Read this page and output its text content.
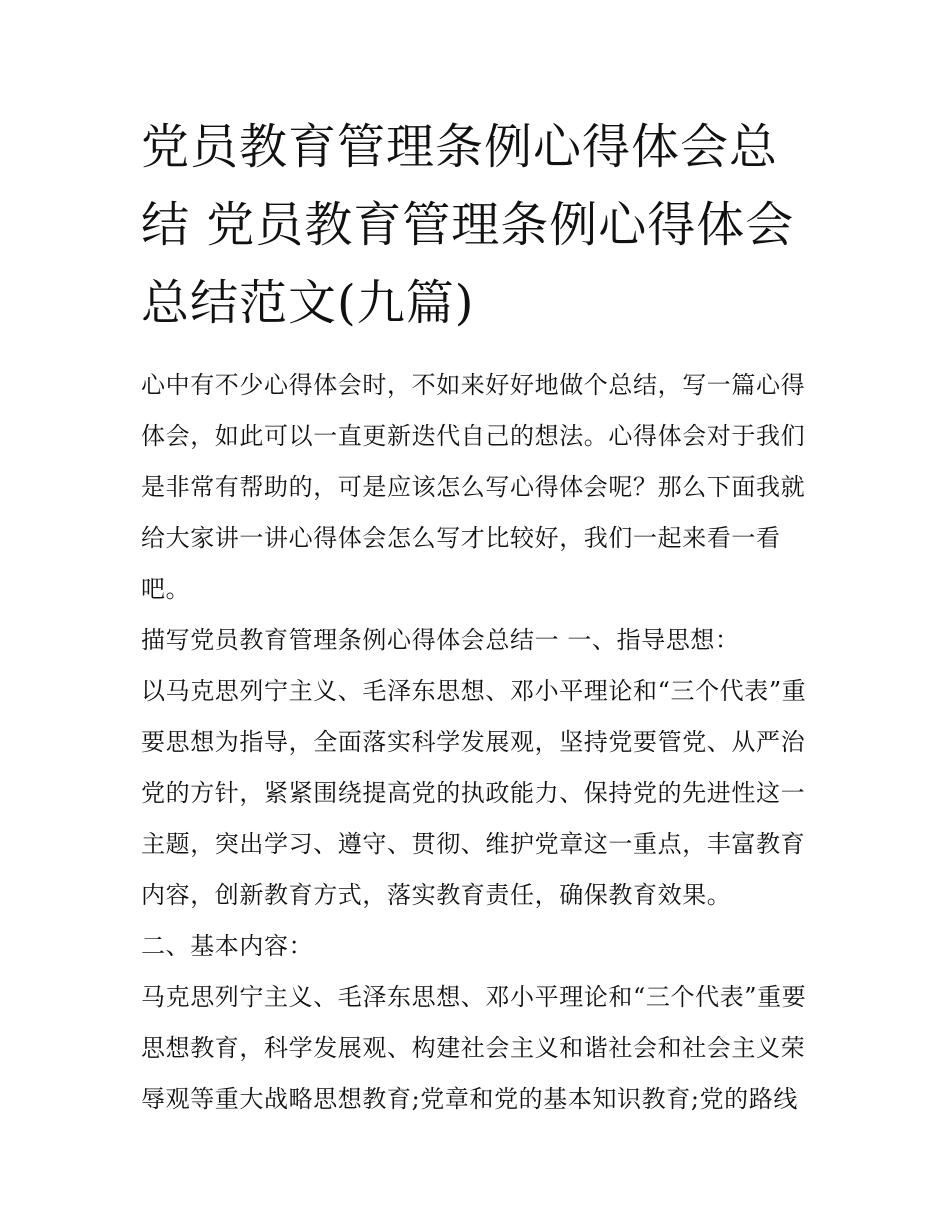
党员教育管理条例心得体会总结 党员教育管理条例心得体会总结范文(九篇)

心中有不少心得体会时，不如来好好地做个总结，写一篇心得体会，如此可以一直更新迭代自己的想法。心得体会对于我们是非常有帮助的，可是应该怎么写心得体会呢？那么下面我就给大家讲一讲心得体会怎么写才比较好，我们一起来看一看吧。

描写党员教育管理条例心得体会总结一 一、指导思想：

以马克思列宁主义、毛泽东思想、邓小平理论和“三个代表”重要思想为指导，全面落实科学发展观，坚持党要管党、从严治党的方针，紧紧围绕提高党的执政能力、保持党的先进性这一主题，突出学习、遵守、贯彻、维护党章这一重点，丰富教育内容，创新教育方式，落实教育责任，确保教育效果。

二、基本内容：

马克思列宁主义、毛泽东思想、邓小平理论和“三个代表”重要思想教育，科学发展观、构建社会主义和谐社会和社会主义荣辱观等重大战略思想教育;党章和党的基本知识教育;党的路线
